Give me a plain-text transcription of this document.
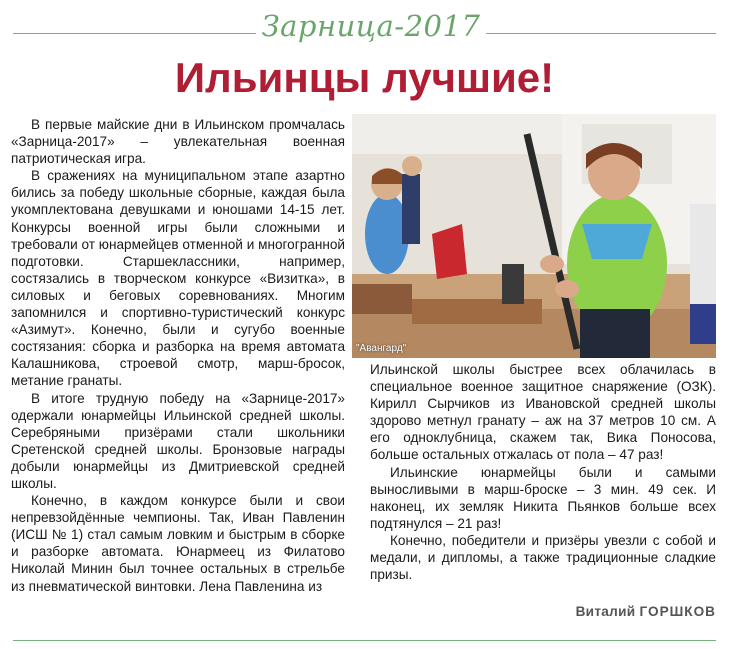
Зарница-2017
Ильинцы лучшие!

В первые майские дни в Ильинском промчалась «Зарница-2017» – увлекательная военная патриотическая игра.

В сражениях на муниципальном этапе азартно бились за победу школьные сборные, каждая была укомплектована девушками и юношами 14-15 лет. Конкурсы военной игры были сложными и требовали от юнармейцев отменной и многогранной подготовки. Старшеклассники, например, состязались в творческом конкурсе «Визитка», в силовых и беговых соревнованиях. Многим запомнился и спортивно-туристический конкурс «Азимут». Конечно, были и сугубо военные состязания: сборка и разборка на время автомата Калашникова, строевой смотр, марш-бросок, метание гранаты.

В итоге трудную победу на «Зарнице-2017» одержали юнармейцы Ильинской средней школы. Серебряными призёрами стали школьники Сретенской средней школы. Бронзовые награды добыли юнармейцы из Дмитриевской средней школы.

Конечно, в каждом конкурсе были и свои непревзойдённые чемпионы. Так, Иван Павленин (ИСШ № 1) стал самым ловким и быстрым в сборке и разборке автомата. Юнармеец из Филатово Николай Минин был точнее остальных в стрельбе из пневматической винтовки. Лена Павленина из

"Авангард"

Ильинской школы быстрее всех облачилась в специальное военное защитное снаряжение (ОЗК). Кирилл Сырчиков из Ивановской средней школы здорово метнул гранату – аж на 37 метров 10 см. А его одноклубница, скажем так, Вика Поносова, больше остальных отжалась от пола – 47 раз!

Ильинские юнармейцы были и самыми выносливыми в марш-броске – 3 мин. 49 сек. И наконец, их земляк Никита Пьянков больше всех подтянулся – 21 раз!

Конечно, победители и призёры увезли с собой и медали, и дипломы, а также традиционные сладкие призы.

Виталий ГОРШКОВ
